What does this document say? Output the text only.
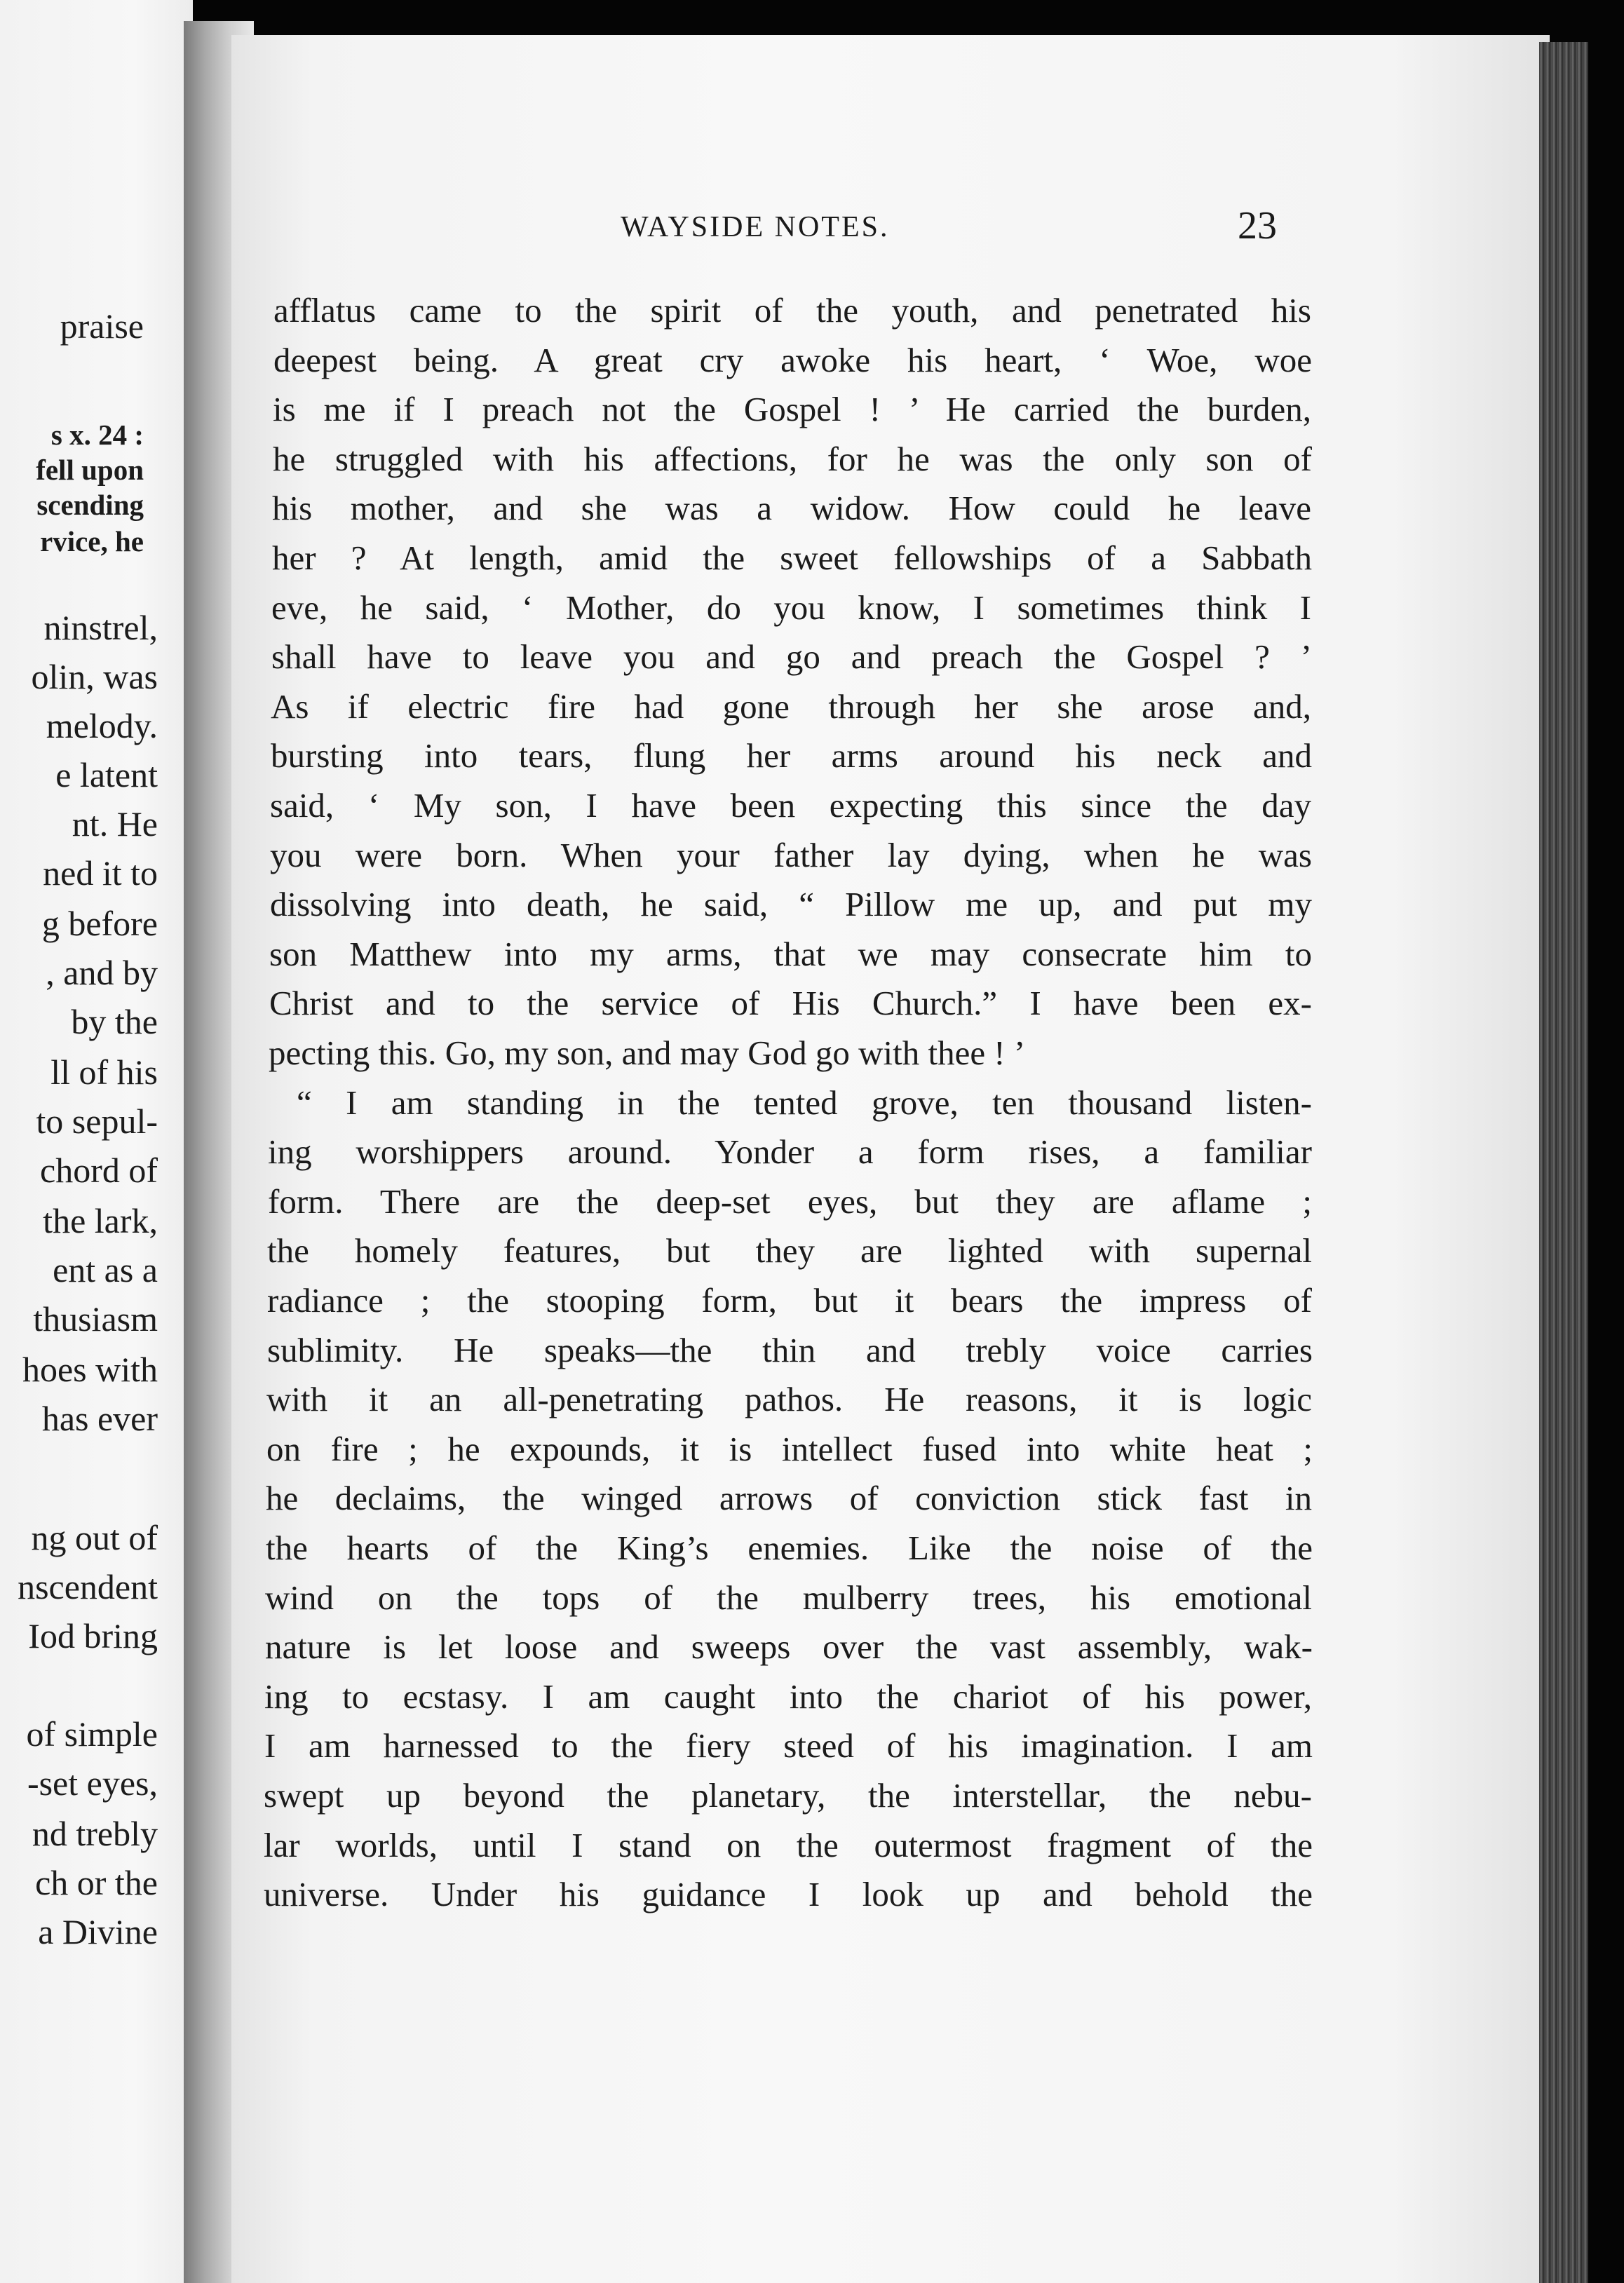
praise
s x. 24 :
fell upon
scending
rvice, he
ninstrel,
olin, was
melody.
e latent
nt. He
ned it to
g before
, and by
by the
ll of his
to sepul-
chord of
the lark,
ent as a
thusiasm
hoes with
has ever
ng out of
nscendent
Iod bring
of simple
-set eyes,
nd trebly
ch or the
a Divine
WAYSIDE NOTES.	23
afflatus came to the spirit of the youth, and penetrated his
deepest being. A great cry awoke his heart, ‘ Woe, woe
is me if I preach not the Gospel ! ’ He carried the burden,
he struggled with his affections, for he was the only son of
his mother, and she was a widow. How could he leave
her ? At length, amid the sweet fellowships of a Sabbath
eve, he said, ‘ Mother, do you know, I sometimes think I
shall have to leave you and go and preach the Gospel ? ’
As if electric fire had gone through her she arose and,
bursting into tears, flung her arms around his neck and
said, ‘ My son, I have been expecting this since the day
you were born. When your father lay dying, when he was
dissolving into death, he said, “ Pillow me up, and put my
son Matthew into my arms, that we may consecrate him to
Christ and to the service of His Church.” I have been ex-
pecting this. Go, my son, and may God go with thee ! ’
“ I am standing in the tented grove, ten thousand listen-
ing worshippers around. Yonder a form rises, a familiar
form. There are the deep-set eyes, but they are aflame ;
the homely features, but they are lighted with supernal
radiance ; the stooping form, but it bears the impress of
sublimity. He speaks—the thin and trebly voice carries
with it an all-penetrating pathos. He reasons, it is logic
on fire ; he expounds, it is intellect fused into white heat ;
he declaims, the winged arrows of conviction stick fast in
the hearts of the King’s enemies. Like the noise of the
wind on the tops of the mulberry trees, his emotional
nature is let loose and sweeps over the vast assembly, wak-
ing to ecstasy. I am caught into the chariot of his power,
I am harnessed to the fiery steed of his imagination. I am
swept up beyond the planetary, the interstellar, the nebu-
lar worlds, until I stand on the outermost fragment of the
universe. Under his guidance I look up and behold the
